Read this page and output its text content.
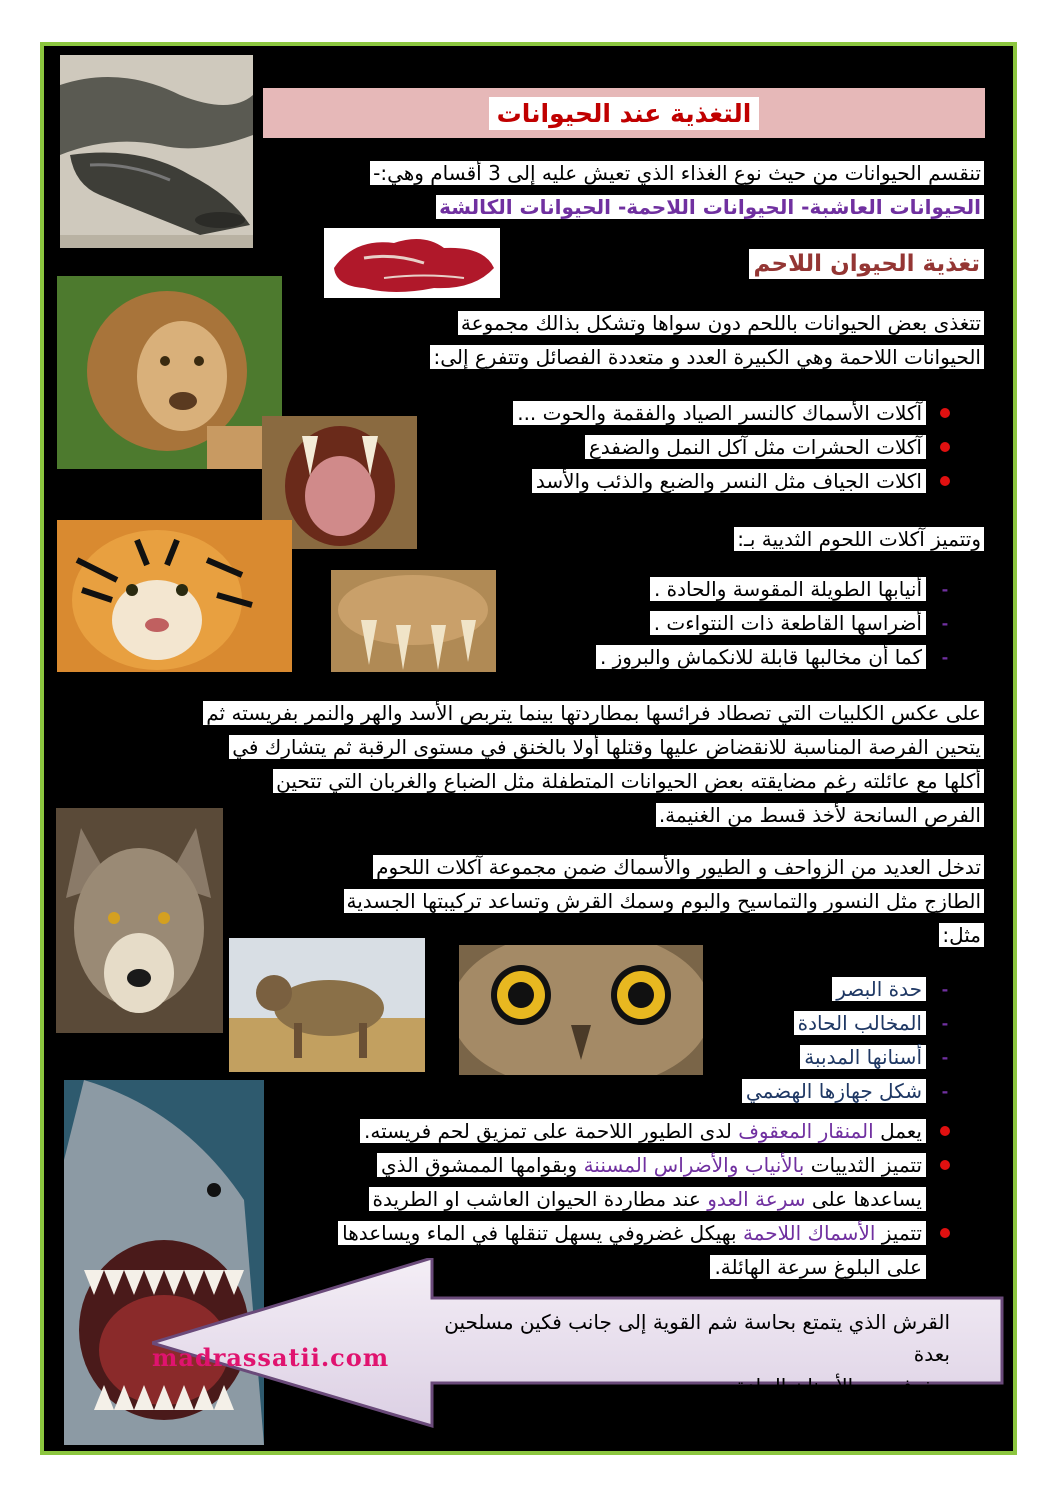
التغذية عند الحيوانات
تنقسم الحيوانات من حيث نوع الغذاء الذي تعيش عليه إلى 3 أقسام وهي:-
الحيوانات العاشبة- الحيوانات اللاحمة- الحيوانات الكالشة
تغذية الحيوان اللاحم
تتغذى بعض الحيوانات باللحم دون سواها وتشكل بذالك مجموعة
الحيوانات اللاحمة وهي الكبيرة العدد و متعددة الفصائل وتتفرع إلى:
آكلات الأسماك كالنسر الصياد والفقمة والحوت ...
آكلات الحشرات مثل آكل النمل والضفدع
اكلات الجياف مثل النسر والضبع والذئب والأسد
وتتميز آكلات اللحوم الثديية بـ:
-
أنيابها الطويلة المقوسة والحادة .
-
أضراسها القاطعة ذات النتواءت .
-
كما أن مخالبها قابلة للانكماش والبروز .
على عكس الكلبيات التي تصطاد فرائسها بمطاردتها بينما يتربص الأسد والهر والنمر بفريسته ثم
يتحين الفرصة المناسبة للانقضاض عليها وقتلها أولا بالخنق في مستوى الرقبة ثم يتشارك في
أكلها مع عائلته رغم مضايقته بعض الحيوانات المتطفلة مثل الضباع والغربان التي تتحين
الفرص السانحة لأخذ قسط من الغنيمة.
تدخل العديد من الزواحف و الطيور والأسماك ضمن مجموعة آكلات اللحوم
الطازج مثل النسور والتماسيح والبوم وسمك القرش وتساعد تركيبتها الجسدية
مثل:
-
حدة البصر
-
المخالب الحادة
-
أسنانها المدببة
-
شكل جهازها الهضمي
يعمل المنقار المعقوف لدى الطيور اللاحمة على تمزيق لحم فريسته.
تتميز الثدييات بالأنياب والأضراس المسننة وبقوامها الممشوق الذي
يساعدها على سرعة العدو عند مطاردة الحيوان العاشب او الطريدة
تتميز الأسماك اللاحمة بهيكل غضروفي يسهل تنقلها في الماء ويساعدها
على البلوغ سرعة الهائلة.
madrassatii.com
القرش الذي يتمتع بحاسة شم القوية إلى جانب فكين مسلحين بعدة
صفوف من الأسنان الحادة.
